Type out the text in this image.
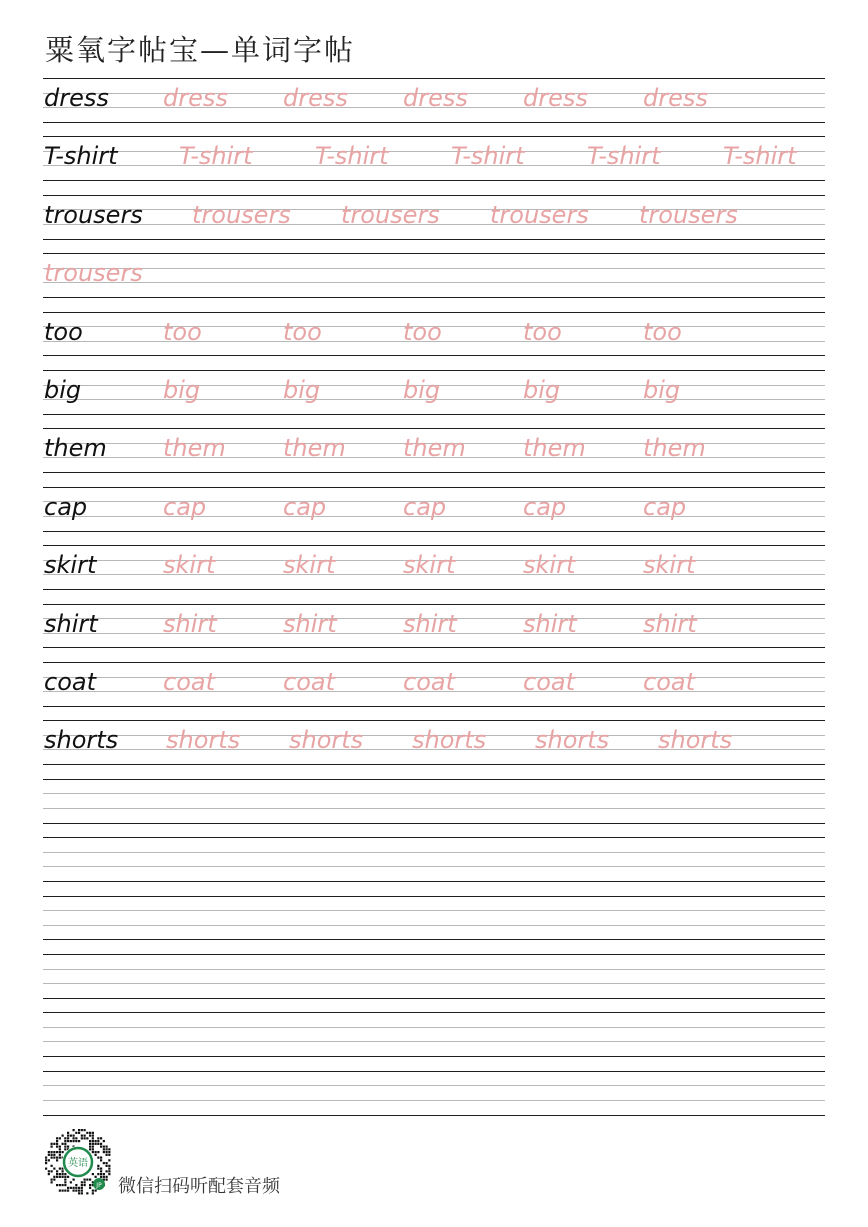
粟氧字帖宝—单词字帖
dress dress dress dress dress dress
T-shirt	T-shirt	T-shirt	T-shirt	T-shirt	T-shirt
trousers trousers trousers trousers trousers
trousers
too	too	too	too	too	too
big	big	big	big	big	big
them them them them them them
cap	cap	cap	cap	cap	cap
skirt	skirt	skirt	skirt	skirt	skirt
shirt	shirt	shirt	shirt	shirt	shirt
coat	coat	coat	coat	coat	coat
shorts shorts shorts shorts shorts shorts
英语
JP 微信扫码听配套音频
